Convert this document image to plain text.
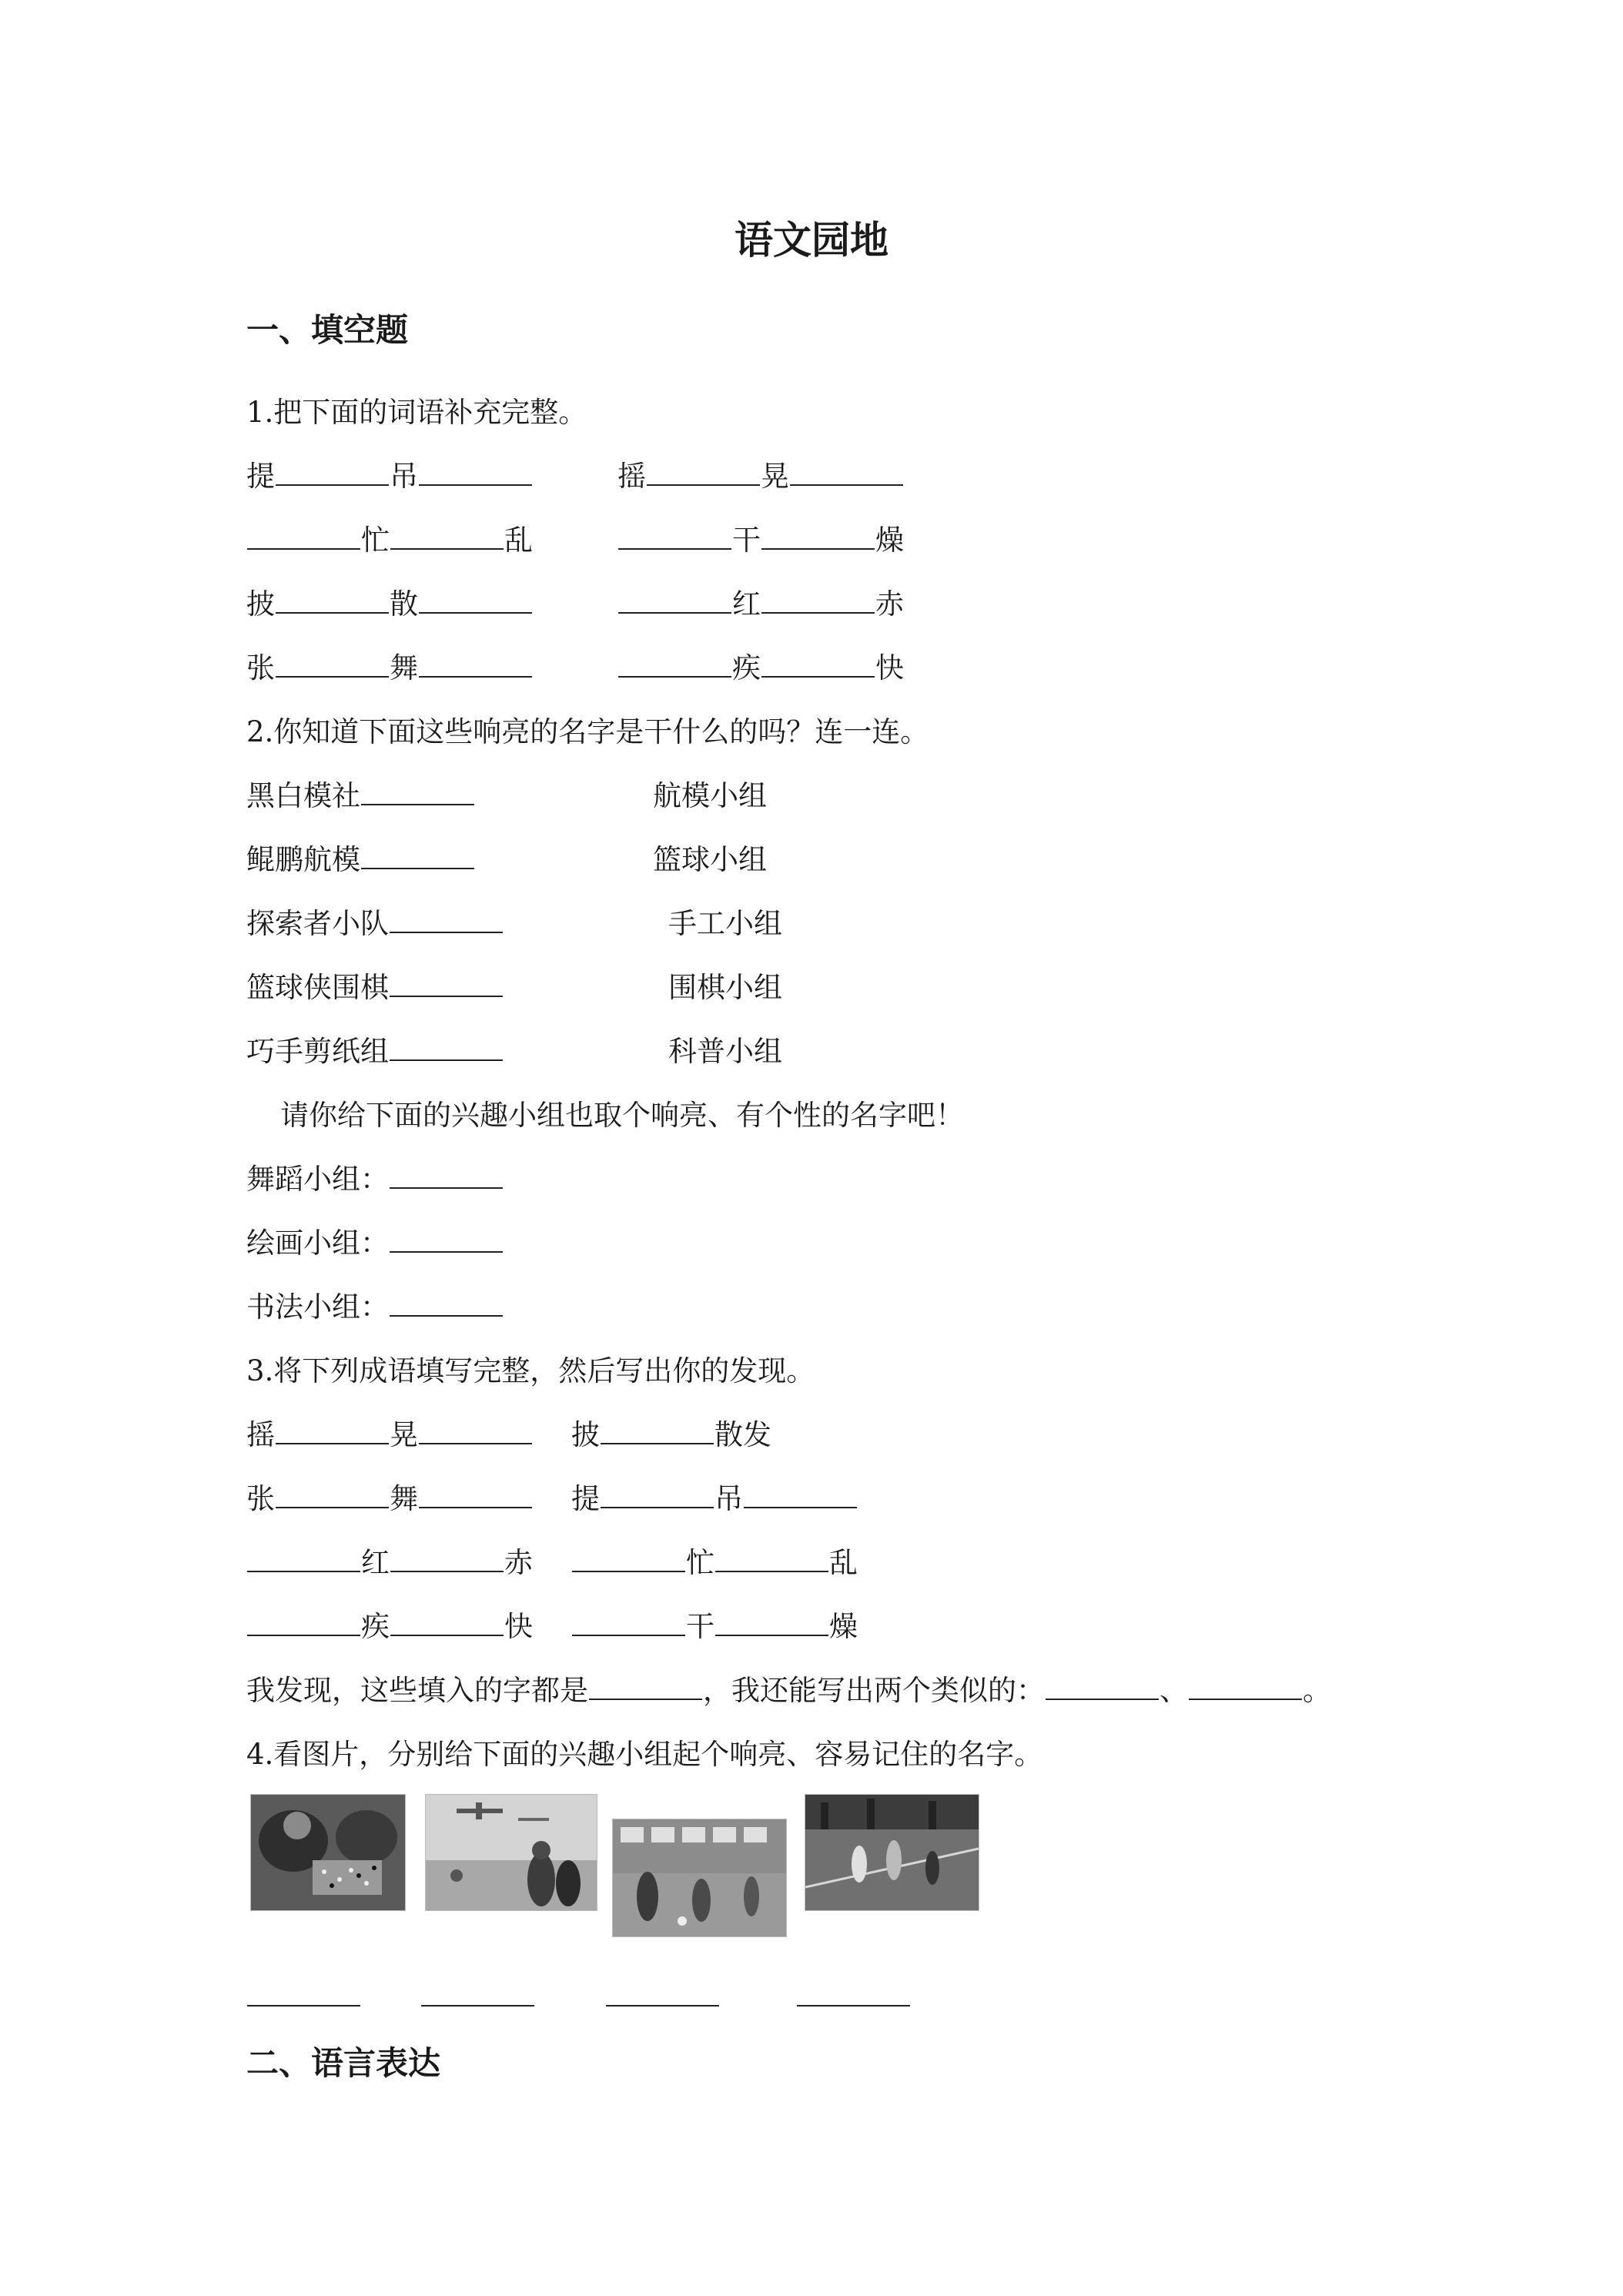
语文园地
一、填空题
1.把下面的词语补充完整。
提	吊	摇	晃
忙	乱	干	燥
披	散	红	赤
张	舞	疾	快
2.你知道下面这些响亮的名字是干什么的吗？连一连。
黑白模社	航模小组
鲲鹏航模	篮球小组
探索者小队	手工小组
篮球侠围棋	围棋小组
巧手剪纸组	科普小组
请你给下面的兴趣小组也取个响亮、有个性的名字吧！
舞蹈小组：
绘画小组：
书法小组：
3.将下列成语填写完整，然后写出你的发现。
摇	晃	披	散发
张	舞	提	吊
红	赤	忙	乱
疾	快	干	燥
我发现，这些填入的字都是	，我还能写出两个类似的：	、	。
4.看图片，分别给下面的兴趣小组起个响亮、容易记住的名字。
二、语言表达
